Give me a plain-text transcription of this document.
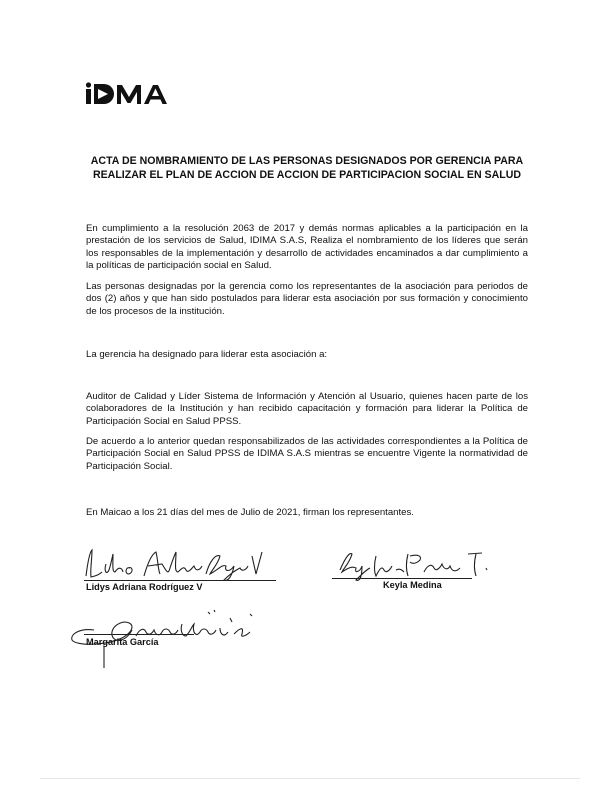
ACTA DE NOMBRAMIENTO DE LAS PERSONAS DESIGNADOS POR GERENCIA PARA REALIZAR EL PLAN DE ACCION DE ACCION DE PARTICIPACION SOCIAL EN SALUD

En cumplimiento a la resolución 2063 de 2017 y demás normas aplicables a la participación en la prestación de los servicios de Salud, IDIMA S.A.S, Realiza el nombramiento de los líderes que serán los responsables de la implementación y desarrollo de actividades encaminados a dar cumplimiento a la políticas de participación social en Salud.

Las personas designadas por la gerencia como los representantes de la asociación para periodos de dos (2) años y que han sido postulados para liderar esta asociación por sus formación y conocimiento de los procesos de la institución.

La gerencia ha designado para liderar esta asociación a:

Auditor de Calidad y Líder Sistema de Información y Atención al Usuario, quienes hacen parte de los colaboradores de la Institución y han recibido capacitación y formación para liderar la Política de Participación Social en Salud PPSS.

De acuerdo a lo anterior quedan responsabilizados de las actividades correspondientes a la Política de Participación Social en Salud PPSS de IDIMA S.A.S mientras se encuentre Vigente la normatividad de Participación Social.

En Maicao a los 21 días del mes de Julio de 2021, firman los representantes.

Lidys Adriana Rodríguez V	Keyla Medina
Margarita García
